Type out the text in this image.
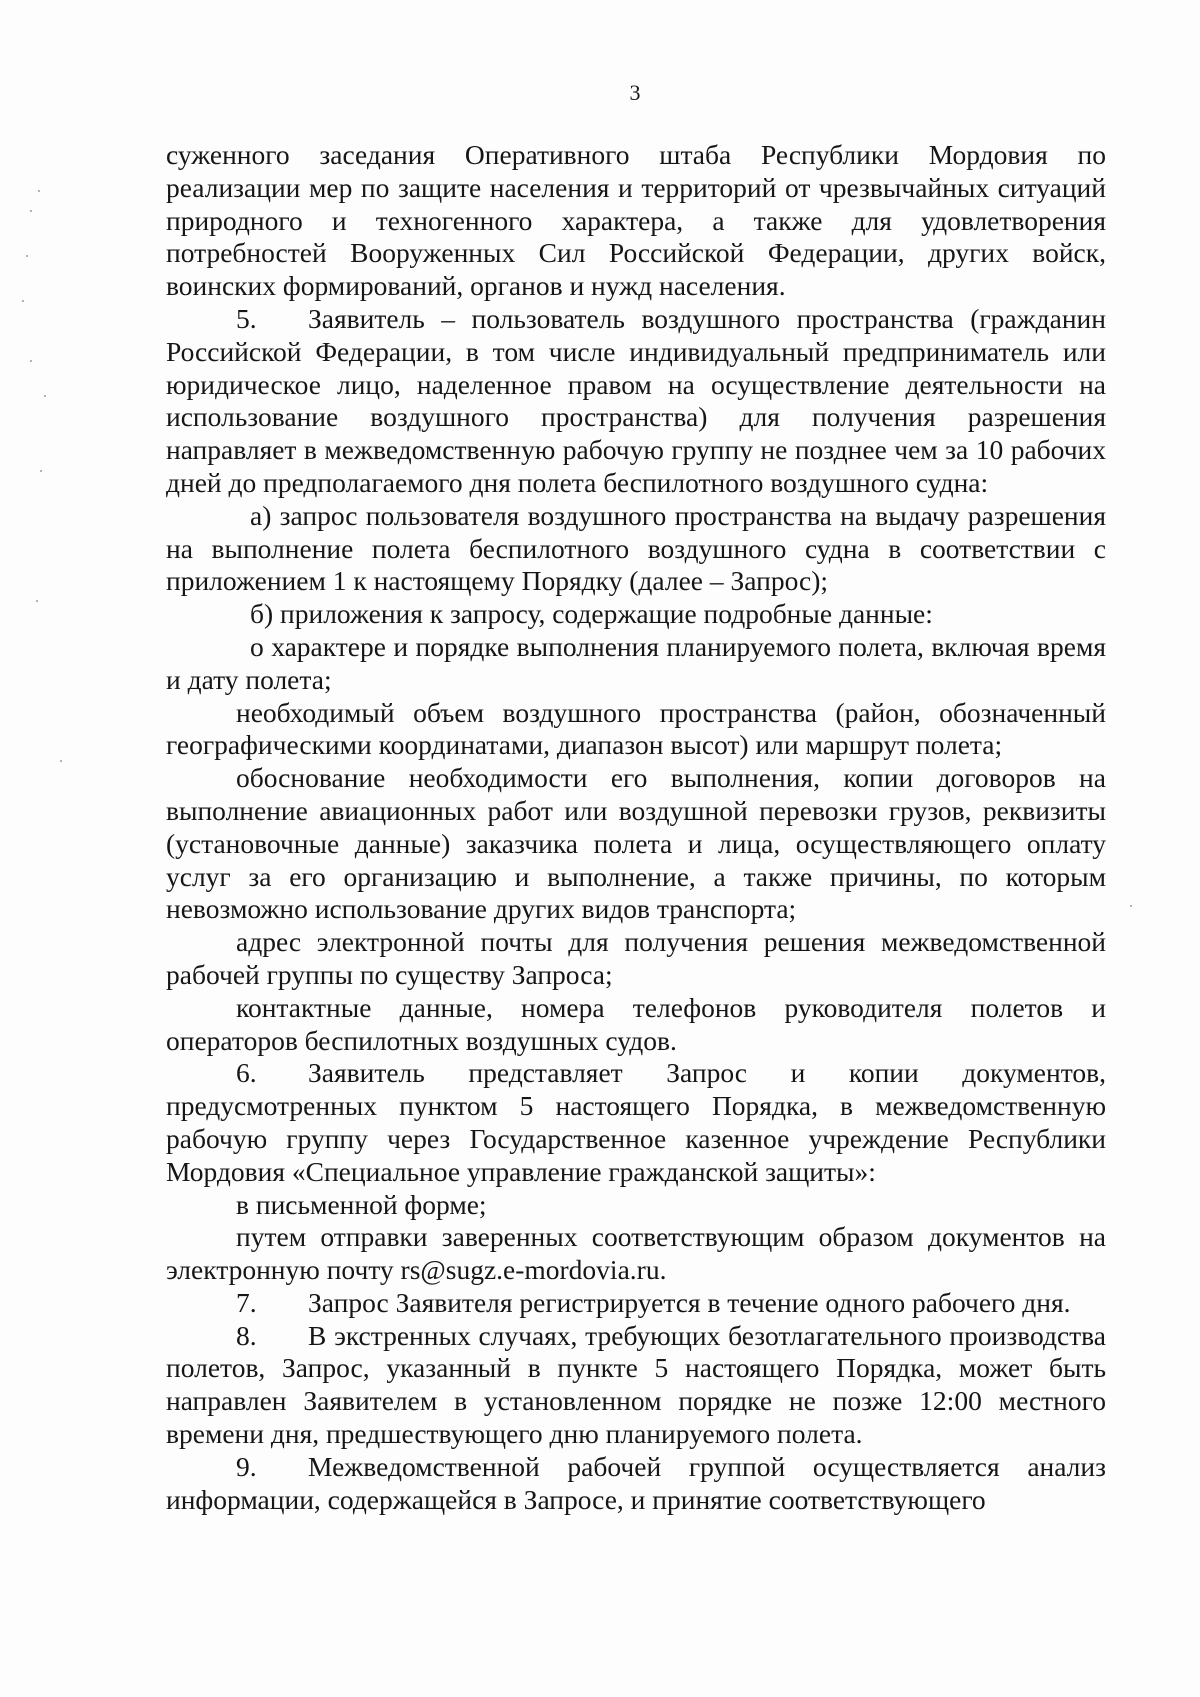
3

суженного заседания Оперативного штаба Республики Мордовия по реализации мер по защите населения и территорий от чрезвычайных ситуаций природного и техногенного характера, а также для удовлетворения потребностей Вооруженных Сил Российской Федерации, других войск, воинских формирований, органов и нужд населения.

5. Заявитель – пользователь воздушного пространства (гражданин Российской Федерации, в том числе индивидуальный предприниматель или юридическое лицо, наделенное правом на осуществление деятельности на использование воздушного пространства) для получения разрешения направляет в межведомственную рабочую группу не позднее чем за 10 рабочих дней до предполагаемого дня полета беспилотного воздушного судна:

а) запрос пользователя воздушного пространства на выдачу разрешения на выполнение полета беспилотного воздушного судна в соответствии с приложением 1 к настоящему Порядку (далее – Запрос);

б) приложения к запросу, содержащие подробные данные:

о характере и порядке выполнения планируемого полета, включая время и дату полета;

необходимый объем воздушного пространства (район, обозначенный географическими координатами, диапазон высот) или маршрут полета;

обоснование необходимости его выполнения, копии договоров на выполнение авиационных работ или воздушной перевозки грузов, реквизиты (установочные данные) заказчика полета и лица, осуществляющего оплату услуг за его организацию и выполнение, а также причины, по которым невозможно использование других видов транспорта;

адрес электронной почты для получения решения межведомственной рабочей группы по существу Запроса;

контактные данные, номера телефонов руководителя полетов и операторов беспилотных воздушных судов.

6. Заявитель представляет Запрос и копии документов, предусмотренных пунктом 5 настоящего Порядка, в межведомственную рабочую группу через Государственное казенное учреждение Республики Мордовия «Специальное управление гражданской защиты»:

в письменной форме;

путем отправки заверенных соответствующим образом документов на электронную почту rs@sugz.e-mordovia.ru.

7. Запрос Заявителя регистрируется в течение одного рабочего дня.

8. В экстренных случаях, требующих безотлагательного производства полетов, Запрос, указанный в пункте 5 настоящего Порядка, может быть направлен Заявителем в установленном порядке не позже 12:00 местного времени дня, предшествующего дню планируемого полета.

9. Межведомственной рабочей группой осуществляется анализ информации, содержащейся в Запросе, и принятие соответствующего
